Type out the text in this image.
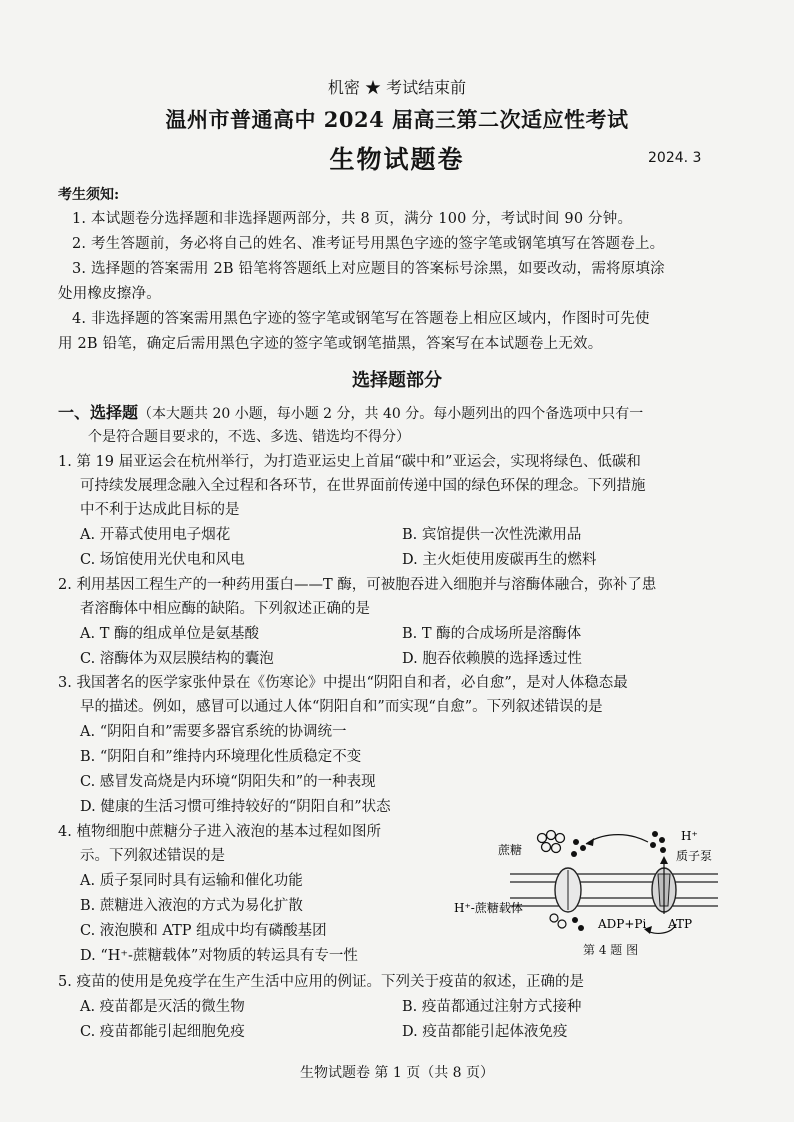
机密 ★ 考试结束前
温州市普通高中 2024 届高三第二次适应性考试
生物试题卷	2024. 3
考生须知:
1. 本试题卷分选择题和非选择题两部分，共 8 页，满分 100 分，考试时间 90 分钟。
2. 考生答题前，务必将自己的姓名、准考证号用黑色字迹的签字笔或钢笔填写在答题卷上。
3. 选择题的答案需用 2B 铅笔将答题纸上对应题目的答案标号涂黑，如要改动，需将原填涂
处用橡皮擦净。
4. 非选择题的答案需用黑色字迹的签字笔或钢笔写在答题卷上相应区域内，作图时可先使
用 2B 铅笔，确定后需用黑色字迹的签字笔或钢笔描黑，答案写在本试题卷上无效。
选择题部分
一、选择题（本大题共 20 小题，每小题 2 分，共 40 分。每小题列出的四个备选项中只有一
个是符合题目要求的，不选、多选、错选均不得分）
1. 第 19 届亚运会在杭州举行，为打造亚运史上首届“碳中和”亚运会，实现将绿色、低碳和
可持续发展理念融入全过程和各环节，在世界面前传递中国的绿色环保的理念。下列措施
中不利于达成此目标的是
A. 开幕式使用电子烟花	B. 宾馆提供一次性洗漱用品
C. 场馆使用光伏电和风电	D. 主火炬使用废碳再生的燃料
2. 利用基因工程生产的一种药用蛋白——T 酶，可被胞吞进入细胞并与溶酶体融合，弥补了患
者溶酶体中相应酶的缺陷。下列叙述正确的是
A. T 酶的组成单位是氨基酸	B. T 酶的合成场所是溶酶体
C. 溶酶体为双层膜结构的囊泡	D. 胞吞依赖膜的选择透过性
3. 我国著名的医学家张仲景在《伤寒论》中提出“阴阳自和者，必自愈”，是对人体稳态最
早的描述。例如，感冒可以通过人体“阴阳自和”而实现“自愈”。下列叙述错误的是
A. “阴阳自和”需要多器官系统的协调统一
B. “阴阳自和”维持内环境理化性质稳定不变
C. 感冒发高烧是内环境“阴阳失和”的一种表现
D. 健康的生活习惯可维持较好的“阴阳自和”状态
4. 植物细胞中蔗糖分子进入液泡的基本过程如图所
示。下列叙述错误的是
A. 质子泵同时具有运输和催化功能
B. 蔗糖进入液泡的方式为易化扩散
C. 液泡膜和 ATP 组成中均有磷酸基团
D. “H⁺-蔗糖载体”对物质的转运具有专一性
蔗糖
H⁺
质子泵
H⁺-蔗糖载体
ADP+Pi ATP
第 4 题 图
5. 疫苗的使用是免疫学在生产生活中应用的例证。下列关于疫苗的叙述，正确的是
A. 疫苗都是灭活的微生物	B. 疫苗都通过注射方式接种
C. 疫苗都能引起细胞免疫	D. 疫苗都能引起体液免疫
生物试题卷 第 1 页（共 8 页）
